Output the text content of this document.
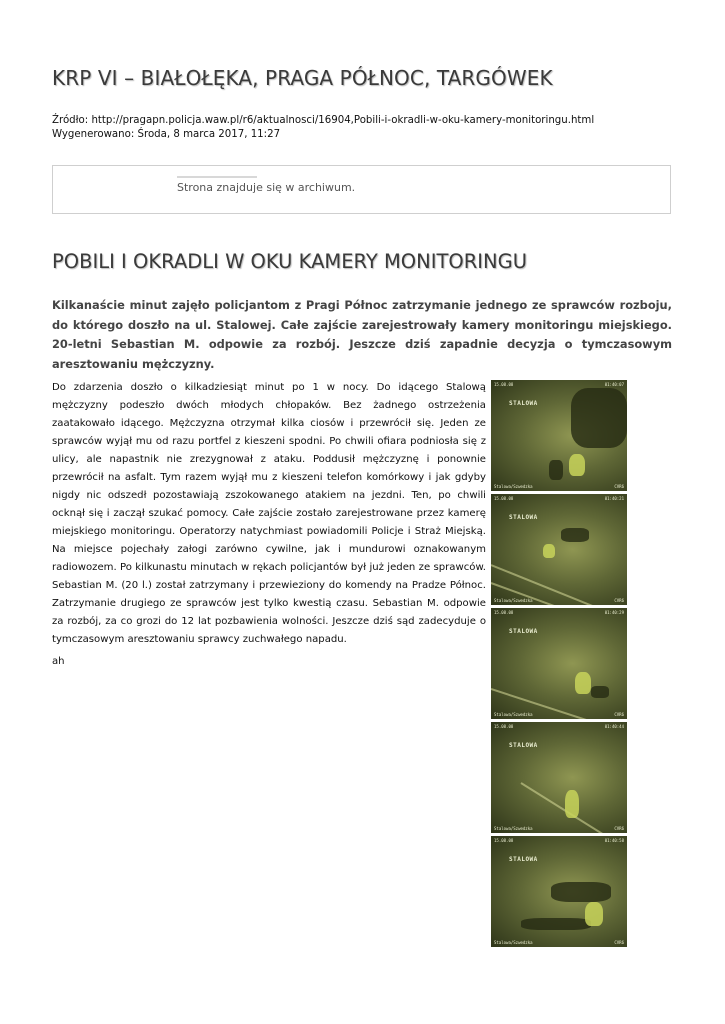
KRP VI – BIAŁOŁĘKA, PRAGA PÓŁNOC, TARGÓWEK
Źródło: http://pragapn.policja.waw.pl/r6/aktualnosci/16904,Pobili-i-okradli-w-oku-kamery-monitoringu.html
Wygenerowano: Środa, 8 marca 2017, 11:27
Strona znajduje się w archiwum.
POBILI I OKRADLI W OKU KAMERY MONITORINGU

Kilkanaście minut zajęło policjantom z Pragi Północ zatrzymanie jednego ze sprawców rozboju, do którego doszło na ul. Stalowej. Całe zajście zarejestrowały kamery monitoringu miejskiego. 20-letni Sebastian M. odpowie za rozbój. Jeszcze dziś zapadnie decyzja o tymczasowym aresztowaniu mężczyzny.

Do zdarzenia doszło o kilkadziesiąt minut po 1 w nocy. Do idącego Stalową mężczyzny podeszło dwóch młodych chłopaków. Bez żadnego ostrzeżenia zaatakowało idącego. Mężczyzna otrzymał kilka ciosów i przewrócił się. Jeden ze sprawców wyjął mu od razu portfel z kieszeni spodni. Po chwili ofiara podniosła się z ulicy, ale napastnik nie zrezygnował z ataku. Poddusił mężczyznę i ponownie przewrócił na asfalt. Tym razem wyjął mu z kieszeni telefon komórkowy i jak gdyby nigdy nic odszedł pozostawiają zszokowanego atakiem na jezdni. Ten, po chwili ocknął się i zaczął szukać pomocy. Całe zajście zostało zarejestrowane przez kamerę miejskiego monitoringu. Operatorzy natychmiast powiadomili Policje i Straż Miejską. Na miejsce pojechały załogi zarówno cywilne, jak i mundurowi oznakowanym radiowozem. Po kilkunastu minutach w rękach policjantów był już jeden ze sprawców. Sebastian M. (20 l.) został zatrzymany i przewieziony do komendy na Pradze Północ. Zatrzymanie drugiego ze sprawców jest tylko kwestią czasu. Sebastian M. odpowie za rozbój, za co grozi do 12 lat pozbawienia wolności. Jeszcze dziś sąd zadecyduje o tymczasowym aresztowaniu sprawcy zuchwałego napadu.

ah
15.08.08	01:40:07
STALOWA
Stalowa/Szwedzka	CVR6
15.08.08	01:40:21
STALOWA
Stalowa/Szwedzka	CVR6
15.08.08	01:40:29
STALOWA
Stalowa/Szwedzka	CVR6
15.08.08	01:40:44
STALOWA
Stalowa/Szwedzka	CVR6
15.08.08	01:40:58
STALOWA
Stalowa/Szwedzka	CVR6
